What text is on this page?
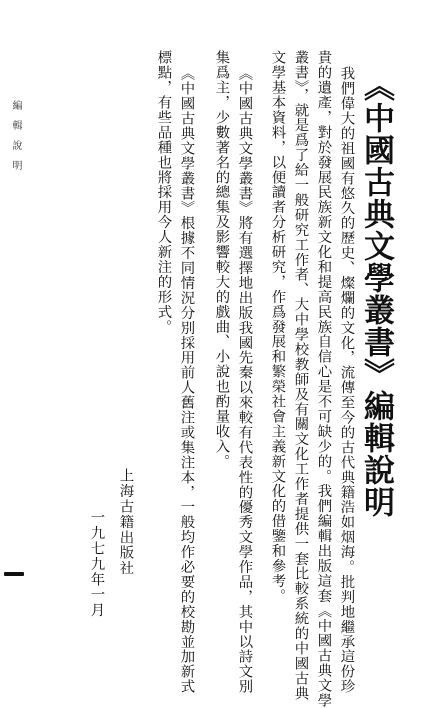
《中國古典文學叢書》編輯說明
我們偉大的祖國有悠久的歷史、燦爛的文化，流傳至今的古代典籍浩如烟海。批判地繼承這份珍
貴的遺產，對於發展民族新文化和提高民族自信心是不可缺少的。我們編輯出版這套《中國古典文學
叢書》，就是爲了給一般研究工作者、大中學校教師及有關文化工作者提供一套比較系統的中國古典
文學基本資料，以便讀者分析研究，作爲發展和繁榮社會主義新文化的借鑒和參考。
《中國古典文學叢書》將有選擇地出版我國先秦以來較有代表性的優秀文學作品，其中以詩文別
集爲主，少數著名的總集及影響較大的戲曲、小說也酌量收入。
《中國古典文學叢書》根據不同情況分別採用前人舊注或集注本，一般均作必要的校勘並加新式
標點，有些品種也將採用今人新注的形式。
上海古籍出版社
一九七九年一月
編輯說明
